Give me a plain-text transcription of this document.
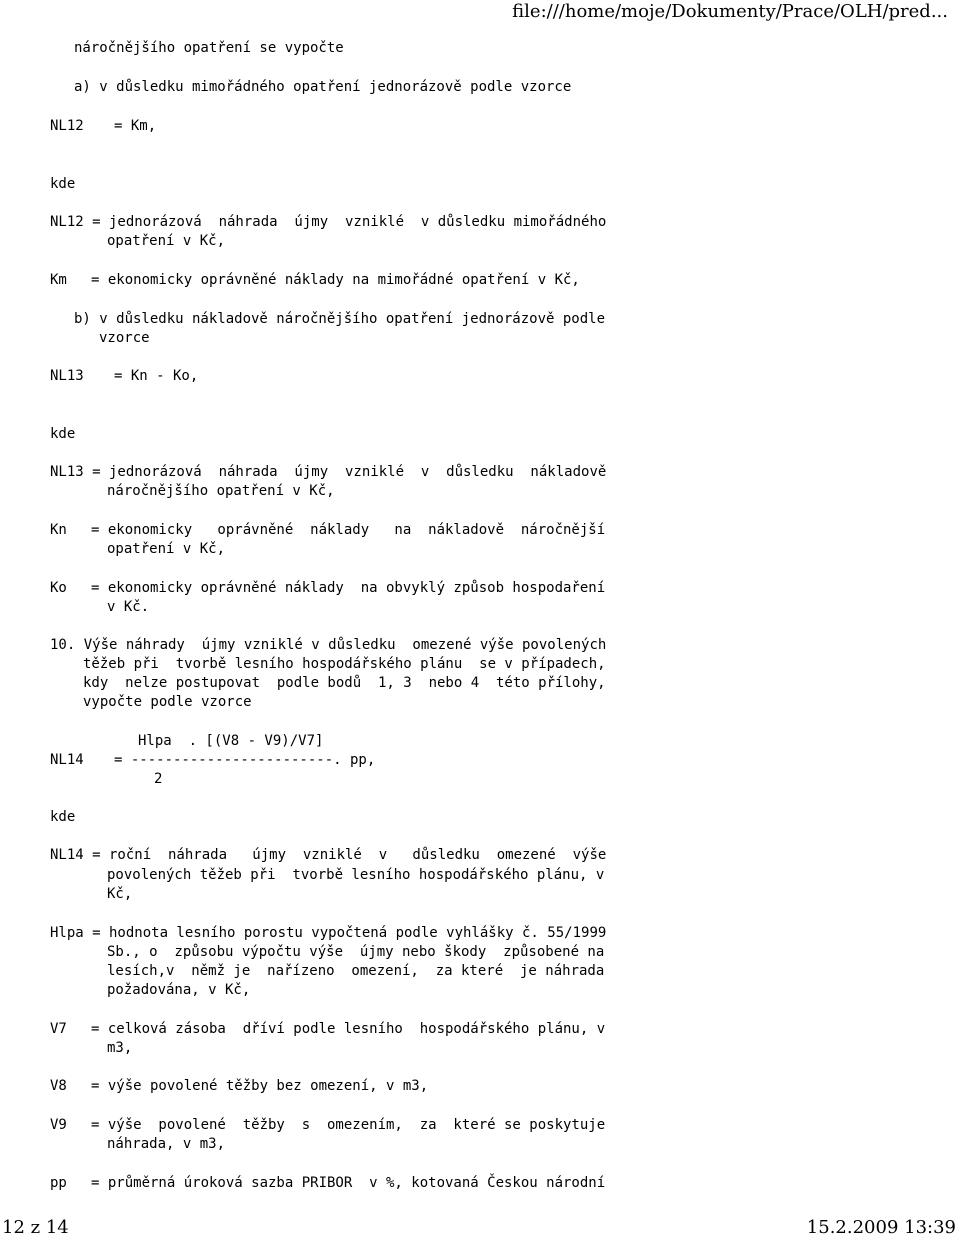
file:///home/moje/Dokumenty/Prace/OLH/pred...
náročnějšího opatření se vypočte
a) v důsledku mimořádného opatření jednorázově podle vzorce
NL12 = Km,
kde
NL12 = jednorázová  náhrada  újmy  vzniklé  v důsledku mimořádného
opatření v Kč,
Km = ekonomicky oprávněné náklady na mimořádné opatření v Kč,
b) v důsledku nákladově náročnějšího opatření jednorázově podle
vzorce
NL13 = Kn - Ko,
kde
NL13 = jednorázová  náhrada  újmy  vzniklé  v  důsledku  nákladově
náročnějšího opatření v Kč,
Kn = ekonomicky   oprávněné  náklady   na  nákladově  náročnější
opatření v Kč,
Ko = ekonomicky oprávněné náklady  na obvyklý způsob hospodaření
v Kč.
10. Výše náhrady  újmy vzniklé v důsledku  omezené výše povolených
těžeb při  tvorbě lesního hospodářského plánu  se v případech,
kdy  nelze postupovat  podle bodů  1, 3  nebo 4  této přílohy,
vypočte podle vzorce
Hlpa  . [(V8 - V9)/V7]
NL14 = ------------------------. pp,
2
kde
NL14 = roční  náhrada   újmy  vzniklé  v   důsledku  omezené  výše
povolených těžeb při  tvorbě lesního hospodářského plánu, v
Kč,
Hlpa = hodnota lesního porostu vypočtená podle vyhlášky č. 55/1999
Sb., o  způsobu výpočtu výše  újmy nebo škody  způsobené na
lesích,v  němž je  nařízeno  omezení,  za které  je náhrada
požadována, v Kč,
V7 = celková zásoba  dříví podle lesního  hospodářského plánu, v
m3,
V8 = výše povolené těžby bez omezení, v m3,
V9 = výše  povolené  těžby  s  omezením,  za  které se poskytuje
náhrada, v m3,
pp = průměrná úroková sazba PRIBOR  v %, kotovaná Českou národní
12 z 14	15.2.2009 13:39
